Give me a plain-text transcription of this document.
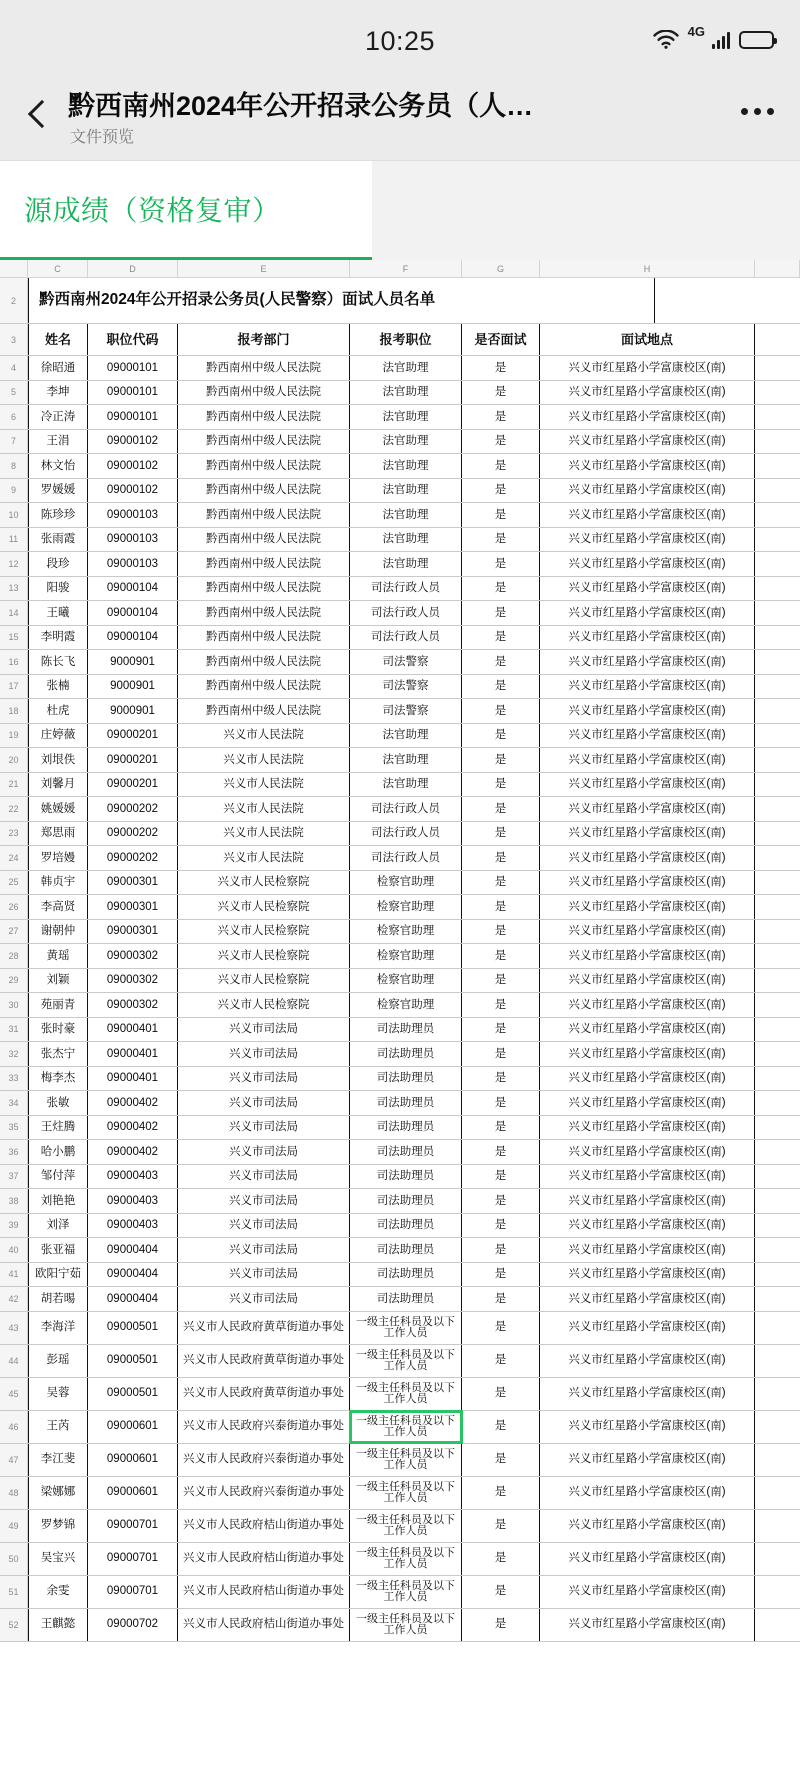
10:25	4G
黔西南州2024年公开招录公务员（人…
文件预览
源成绩（资格复审）
C	D	E	F	G	H
2	黔西南州2024年公开招录公务员(人民警察）面试人员名单
3	姓名	职位代码	报考部门	报考职位	是否面试	面试地点
4	徐昭通	09000101	黔西南州中级人民法院	法官助理	是	兴义市红星路小学富康校区(南)
5	李坤	09000101	黔西南州中级人民法院	法官助理	是	兴义市红星路小学富康校区(南)
6	冷正涛	09000101	黔西南州中级人民法院	法官助理	是	兴义市红星路小学富康校区(南)
7	王涓	09000102	黔西南州中级人民法院	法官助理	是	兴义市红星路小学富康校区(南)
8	林文怡	09000102	黔西南州中级人民法院	法官助理	是	兴义市红星路小学富康校区(南)
9	罗媛媛	09000102	黔西南州中级人民法院	法官助理	是	兴义市红星路小学富康校区(南)
10	陈珍珍	09000103	黔西南州中级人民法院	法官助理	是	兴义市红星路小学富康校区(南)
11	张雨霞	09000103	黔西南州中级人民法院	法官助理	是	兴义市红星路小学富康校区(南)
12	段珍	09000103	黔西南州中级人民法院	法官助理	是	兴义市红星路小学富康校区(南)
13	阳骏	09000104	黔西南州中级人民法院	司法行政人员	是	兴义市红星路小学富康校区(南)
14	王曦	09000104	黔西南州中级人民法院	司法行政人员	是	兴义市红星路小学富康校区(南)
15	李明霞	09000104	黔西南州中级人民法院	司法行政人员	是	兴义市红星路小学富康校区(南)
16	陈长飞	9000901	黔西南州中级人民法院	司法警察	是	兴义市红星路小学富康校区(南)
17	张楠	9000901	黔西南州中级人民法院	司法警察	是	兴义市红星路小学富康校区(南)
18	杜虎	9000901	黔西南州中级人民法院	司法警察	是	兴义市红星路小学富康校区(南)
19	庄婷薇	09000201	兴义市人民法院	法官助理	是	兴义市红星路小学富康校区(南)
20	刘垠佚	09000201	兴义市人民法院	法官助理	是	兴义市红星路小学富康校区(南)
21	刘馨月	09000201	兴义市人民法院	法官助理	是	兴义市红星路小学富康校区(南)
22	姚媛媛	09000202	兴义市人民法院	司法行政人员	是	兴义市红星路小学富康校区(南)
23	郑思雨	09000202	兴义市人民法院	司法行政人员	是	兴义市红星路小学富康校区(南)
24	罗培嫚	09000202	兴义市人民法院	司法行政人员	是	兴义市红星路小学富康校区(南)
25	韩贞宇	09000301	兴义市人民检察院	检察官助理	是	兴义市红星路小学富康校区(南)
26	李高贤	09000301	兴义市人民检察院	检察官助理	是	兴义市红星路小学富康校区(南)
27	谢朝仲	09000301	兴义市人民检察院	检察官助理	是	兴义市红星路小学富康校区(南)
28	黄瑶	09000302	兴义市人民检察院	检察官助理	是	兴义市红星路小学富康校区(南)
29	刘颖	09000302	兴义市人民检察院	检察官助理	是	兴义市红星路小学富康校区(南)
30	苑丽青	09000302	兴义市人民检察院	检察官助理	是	兴义市红星路小学富康校区(南)
31	张时豪	09000401	兴义市司法局	司法助理员	是	兴义市红星路小学富康校区(南)
32	张杰宁	09000401	兴义市司法局	司法助理员	是	兴义市红星路小学富康校区(南)
33	梅李杰	09000401	兴义市司法局	司法助理员	是	兴义市红星路小学富康校区(南)
34	张敏	09000402	兴义市司法局	司法助理员	是	兴义市红星路小学富康校区(南)
35	王炷腾	09000402	兴义市司法局	司法助理员	是	兴义市红星路小学富康校区(南)
36	哈小鹏	09000402	兴义市司法局	司法助理员	是	兴义市红星路小学富康校区(南)
37	邹付萍	09000403	兴义市司法局	司法助理员	是	兴义市红星路小学富康校区(南)
38	刘艳艳	09000403	兴义市司法局	司法助理员	是	兴义市红星路小学富康校区(南)
39	刘泽	09000403	兴义市司法局	司法助理员	是	兴义市红星路小学富康校区(南)
40	张亚福	09000404	兴义市司法局	司法助理员	是	兴义市红星路小学富康校区(南)
41	欧阳宁茹	09000404	兴义市司法局	司法助理员	是	兴义市红星路小学富康校区(南)
42	胡若晹	09000404	兴义市司法局	司法助理员	是	兴义市红星路小学富康校区(南)
43	李海洋	09000501	兴义市人民政府黄草街道办事处	一级主任科员及以下工作人员	是	兴义市红星路小学富康校区(南)
44	彭瑶	09000501	兴义市人民政府黄草街道办事处	一级主任科员及以下工作人员	是	兴义市红星路小学富康校区(南)
45	吴蓉	09000501	兴义市人民政府黄草街道办事处	一级主任科员及以下工作人员	是	兴义市红星路小学富康校区(南)
46	王芮	09000601	兴义市人民政府兴泰街道办事处	一级主任科员及以下工作人员	是	兴义市红星路小学富康校区(南)
47	李江斐	09000601	兴义市人民政府兴泰街道办事处	一级主任科员及以下工作人员	是	兴义市红星路小学富康校区(南)
48	梁娜娜	09000601	兴义市人民政府兴泰街道办事处	一级主任科员及以下工作人员	是	兴义市红星路小学富康校区(南)
49	罗梦锦	09000701	兴义市人民政府桔山街道办事处	一级主任科员及以下工作人员	是	兴义市红星路小学富康校区(南)
50	吴宝兴	09000701	兴义市人民政府桔山街道办事处	一级主任科员及以下工作人员	是	兴义市红星路小学富康校区(南)
51	余雯	09000701	兴义市人民政府桔山街道办事处	一级主任科员及以下工作人员	是	兴义市红星路小学富康校区(南)
52	王麒懿	09000702	兴义市人民政府桔山街道办事处	一级主任科员及以下工作人员	是	兴义市红星路小学富康校区(南)
